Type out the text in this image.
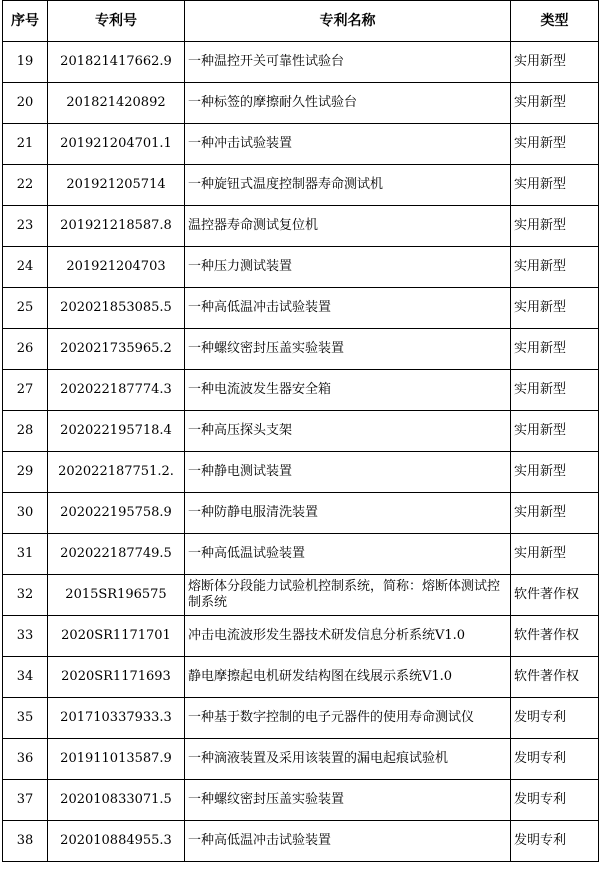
序号	专利号	专利名称	类型
19	201821417662.9	一种温控开关可靠性试验台	实用新型
20	201821420892	一种标签的摩擦耐久性试验台	实用新型
21	201921204701.1	一种冲击试验装置	实用新型
22	201921205714	一种旋钮式温度控制器寿命测试机	实用新型
23	201921218587.8	温控器寿命测试复位机	实用新型
24	201921204703	一种压力测试装置	实用新型
25	202021853085.5	一种高低温冲击试验装置	实用新型
26	202021735965.2	一种螺纹密封压盖实验装置	实用新型
27	202022187774.3	一种电流波发生器安全箱	实用新型
28	202022195718.4	一种高压探头支架	实用新型
29	202022187751.2.	一种静电测试装置	实用新型
30	202022195758.9	一种防静电服清洗装置	实用新型
31	202022187749.5	一种高低温试验装置	实用新型
32	2015SR196575	熔断体分段能力试验机控制系统，简称：熔断体测试控制系统	软件著作权
33	2020SR1171701	冲击电流波形发生器技术研发信息分析系统V1.0	软件著作权
34	2020SR1171693	静电摩擦起电机研发结构图在线展示系统V1.0	软件著作权
35	201710337933.3	一种基于数字控制的电子元器件的使用寿命测试仪	发明专利
36	201911013587.9	一种滴液装置及采用该装置的漏电起痕试验机	发明专利
37	202010833071.5	一种螺纹密封压盖实验装置	发明专利
38	202010884955.3	一种高低温冲击试验装置	发明专利
